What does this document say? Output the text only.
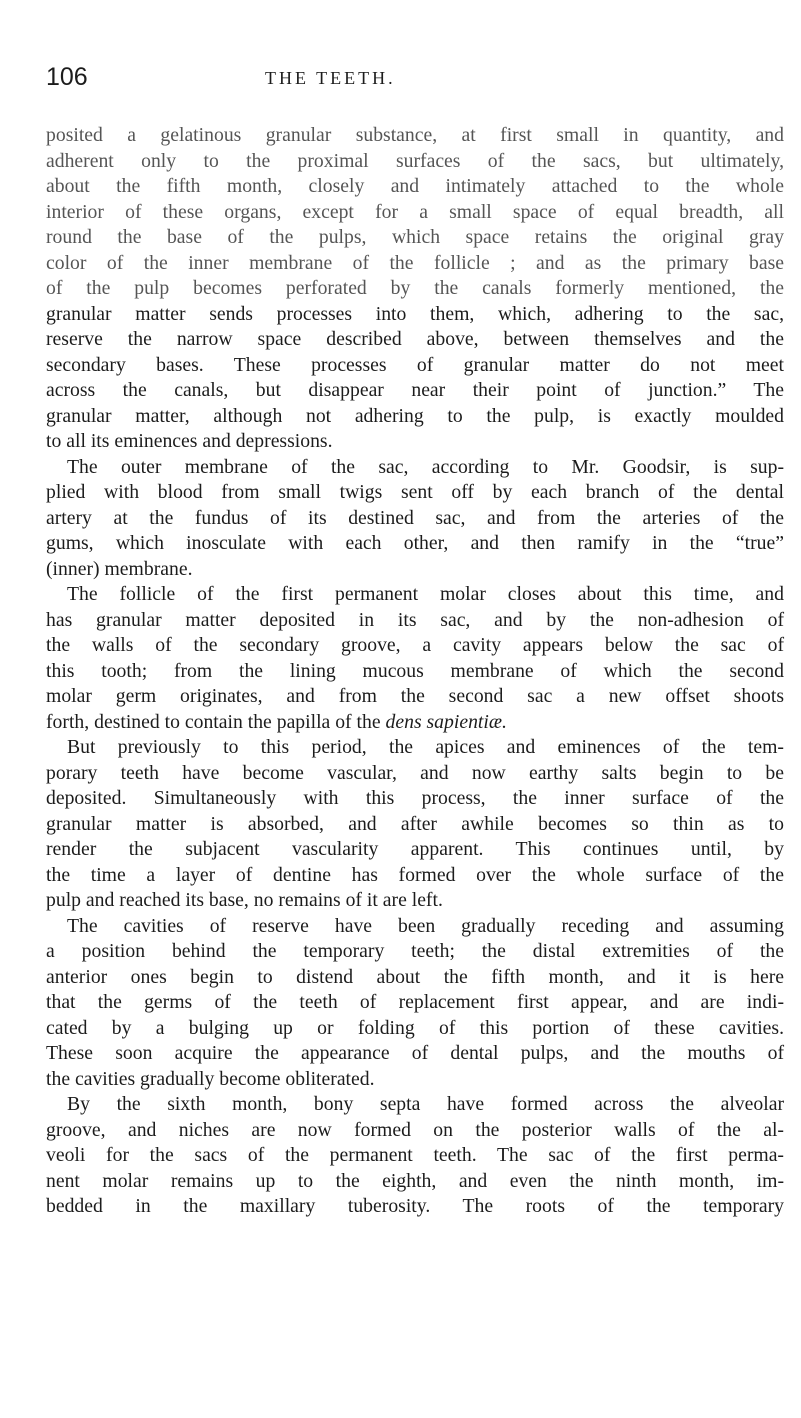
106	THE TEETH.
posited a gelatinous granular substance, at first small in quantity, and
adherent only to the proximal surfaces of the sacs, but ultimately,
about the fifth month, closely and intimately attached to the whole
interior of these organs, except for a small space of equal breadth, all
round the base of the pulps, which space retains the original gray
color of the inner membrane of the follicle ; and as the primary base
of the pulp becomes perforated by the canals formerly mentioned, the
granular matter sends processes into them, which, adhering to the sac,
reserve the narrow space described above, between themselves and the
secondary bases. These processes of granular matter do not meet
across the canals, but disappear near their point of junction.” The
granular matter, although not adhering to the pulp, is exactly moulded
to all its eminences and depressions.
The outer membrane of the sac, according to Mr. Goodsir, is sup-
plied with blood from small twigs sent off by each branch of the dental
artery at the fundus of its destined sac, and from the arteries of the
gums, which inosculate with each other, and then ramify in the “true”
(inner) membrane.
The follicle of the first permanent molar closes about this time, and
has granular matter deposited in its sac, and by the non-adhesion of
the walls of the secondary groove, a cavity appears below the sac of
this tooth; from the lining mucous membrane of which the second
molar germ originates, and from the second sac a new offset shoots
forth, destined to contain the papilla of the dens sapientiæ.
But previously to this period, the apices and eminences of the tem-
porary teeth have become vascular, and now earthy salts begin to be
deposited. Simultaneously with this process, the inner surface of the
granular matter is absorbed, and after awhile becomes so thin as to
render the subjacent vascularity apparent. This continues until, by
the time a layer of dentine has formed over the whole surface of the
pulp and reached its base, no remains of it are left.
The cavities of reserve have been gradually receding and assuming
a position behind the temporary teeth; the distal extremities of the
anterior ones begin to distend about the fifth month, and it is here
that the germs of the teeth of replacement first appear, and are indi-
cated by a bulging up or folding of this portion of these cavities.
These soon acquire the appearance of dental pulps, and the mouths of
the cavities gradually become obliterated.
By the sixth month, bony septa have formed across the alveolar
groove, and niches are now formed on the posterior walls of the al-
veoli for the sacs of the permanent teeth. The sac of the first perma-
nent molar remains up to the eighth, and even the ninth month, im-
bedded in the maxillary tuberosity. The roots of the temporary
